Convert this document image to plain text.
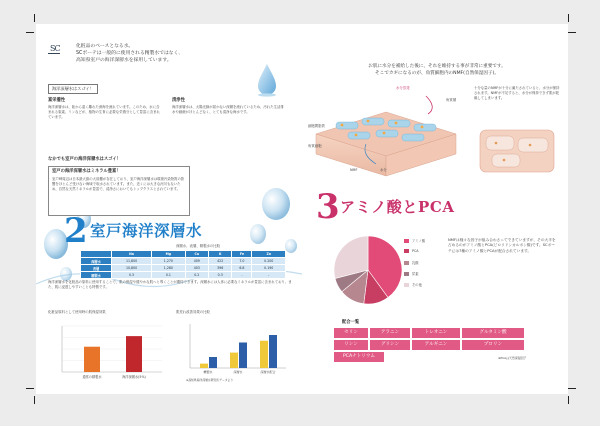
SC	化粧品のベースとなる水。
SCボーテは一般的に使用される精製水ではなく、
高知県室戸の海洋深層水を採用しています。
海洋深層水はスゴイ！
富栄養性
海洋深層水は、陸から遠く離れた深海を流れています。このため、水に含まれる窒素、リンなどが、植物の生育に必要な栄養分として豊富に含まれています。
清浄性
海洋深層水は、太陽光線が届かない深層を流れているため、汚れた生活排水や細菌がほとんどなく、とても清浄な海水です。
なかでも室戸の海洋深層水はスゴイ！
室戸の海洋深層水はミネラル豊富！
室戸岬周辺は日本最大級の大陸棚が存在しており、室戸海洋深層水は環境汚染物質の影響をほとんど受けない海域で取水されています。また、近くには大きな河川もないため、自然な天然ミネラルが豊富で、清浄さにおいてもトップクラスとされています。
2 室戸海洋深層水
深層水、表層、精製水の比較
	Na	Mg	Ca	K	Fe	Zn
深層水	11,800	1,270	409	422	7.0	0.200
表層	10,800	1,280	403	396	6.8	0.190
精製水	0.3	0.1	0.2	0.3	-	-
海洋深層水を化粧品の原料に使用することで、肌の保湿や健やかな肌へと導くことが期待できます。深層水には人体に必要なミネラルが豊富に含まれており、また、肌に浸透しやすいことも特徴です。
化粧品原料として使用時の肌保湿効果
通常の精製水	海洋深層水(5%)
肌荒れ改善効果の比較
精製水	深層水	深層水配合
※高知県海洋深層水研究所データより
お肌に水分を補給した後に、それを維持する事が非常に重要です。
そこでカギになるのが、角質細胞内のNMF(自然保湿因子)。
水分蒸発
角質層
細胞間脂質
角質細胞
NMF	水分
十分な量のNMFが十分に満たされていると、水分が保持されます。NMFが不足すると、水分が保持できず肌が乾燥してしまいます。
3 アミノ酸とPCA
アミノ酸
PCA
乳酸
尿素
その他
NMFは様々な因子が組み合わさってできていますが、その大半を占めるのがアミノ酸とPCA(ピロリドンカルボン酸)です。SCボーテには7種のアミノ酸とPCAが配合されています。
配合一覧
セリン	アラニン	トレオニン	グルタミン酸
リシン	グリシン	アルギニン	プロリン
PCAナトリウム	※PCAは天然保湿因子
